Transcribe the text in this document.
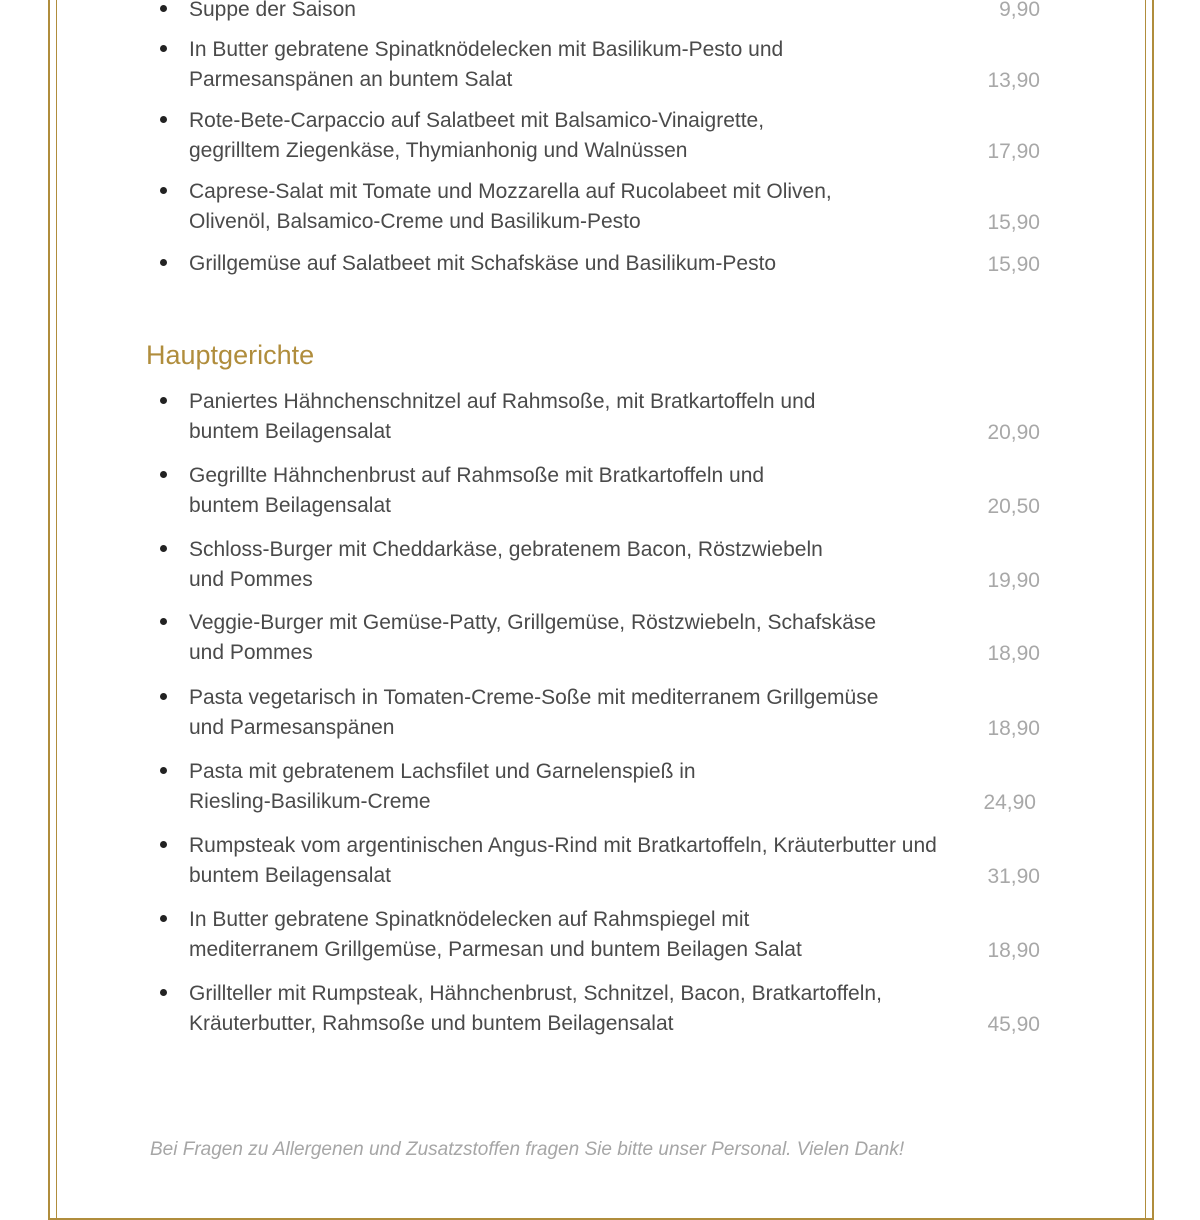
Suppe der Saison	9,90
In Butter gebratene Spinatknödelecken mit Basilikum-Pesto und Parmesanspänen an buntem Salat	13,90
Rote-Bete-Carpaccio auf Salatbeet mit Balsamico-Vinaigrette, gegrilltem Ziegenkäse, Thymianhonig und Walnüssen	17,90
Caprese-Salat mit Tomate und Mozzarella auf Rucolabeet mit Oliven, Olivenöl, Balsamico-Creme und Basilikum-Pesto	15,90
Grillgemüse auf Salatbeet mit Schafskäse und Basilikum-Pesto	15,90
Hauptgerichte
Paniertes Hähnchenschnitzel auf Rahmsoße, mit Bratkartoffeln und buntem Beilagensalat	20,90
Gegrillte Hähnchenbrust auf Rahmsoße mit Bratkartoffeln und buntem Beilagensalat	20,50
Schloss-Burger mit Cheddarkäse, gebratenem Bacon, Röstzwiebeln und Pommes	19,90
Veggie-Burger mit Gemüse-Patty, Grillgemüse, Röstzwiebeln, Schafskäse und Pommes	18,90
Pasta vegetarisch in Tomaten-Creme-Soße mit mediterranem Grillgemüse und Parmesanspänen	18,90
Pasta mit gebratenem Lachsfilet und Garnelenspieß in Riesling-Basilikum-Creme	24,90
Rumpsteak vom argentinischen Angus-Rind mit Bratkartoffeln, Kräuterbutter und buntem Beilagensalat	31,90
In Butter gebratene Spinatknödelecken auf Rahmspiegel mit mediterranem Grillgemüse, Parmesan und buntem Beilagen Salat	18,90
Grillteller mit Rumpsteak, Hähnchenbrust, Schnitzel, Bacon, Bratkartoffeln, Kräuterbutter, Rahmsoße und buntem Beilagensalat	45,90
Bei Fragen zu Allergenen und Zusatzstoffen fragen Sie bitte unser Personal. Vielen Dank!
